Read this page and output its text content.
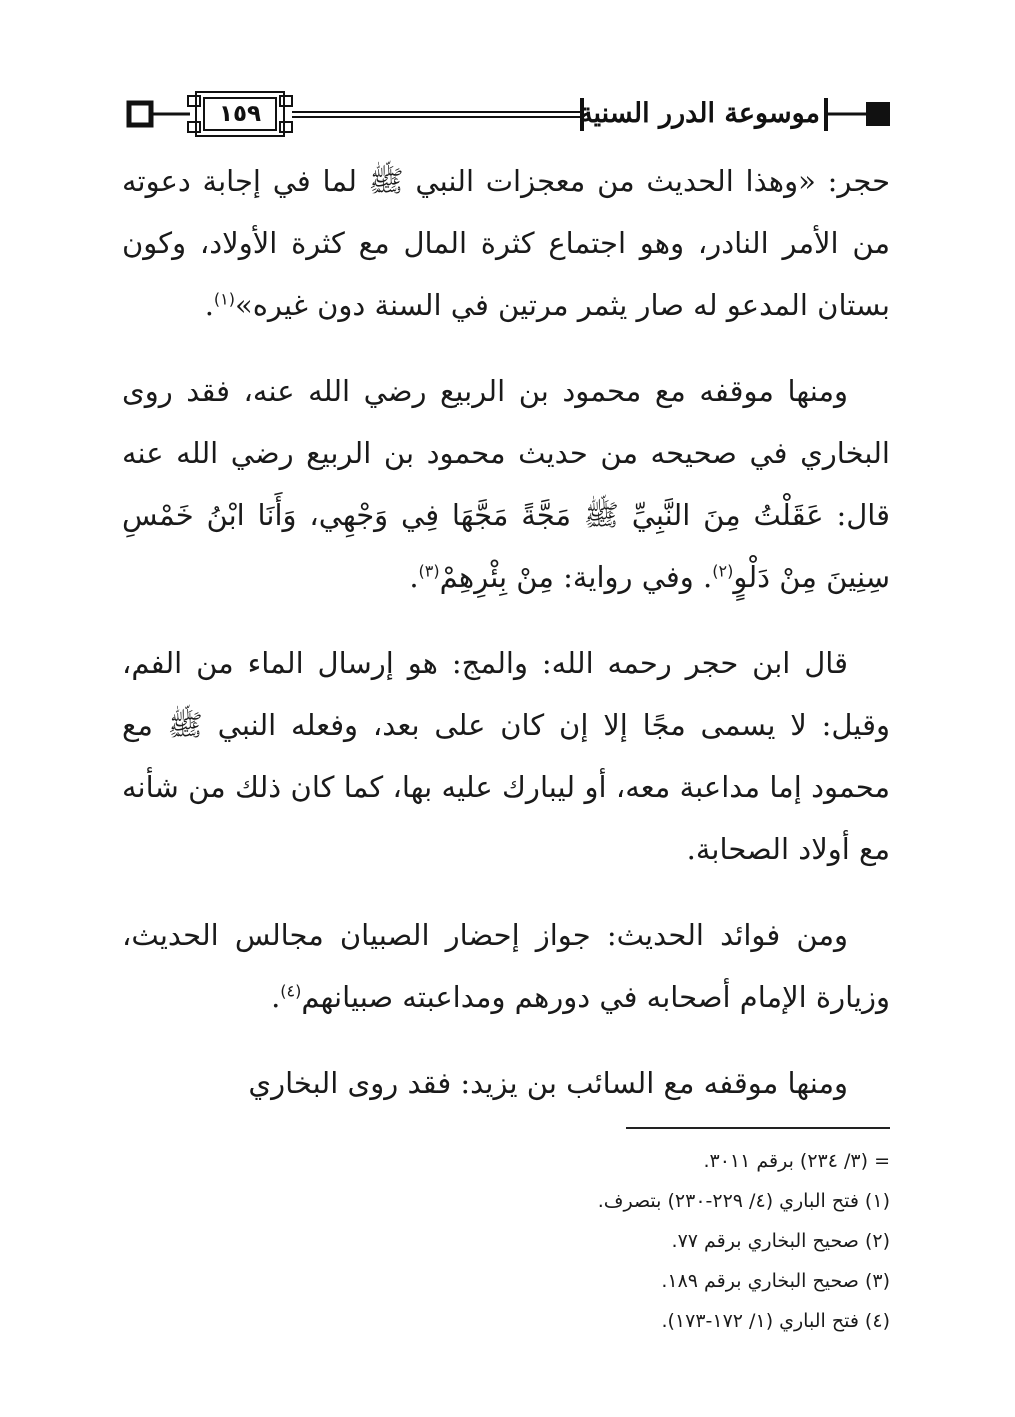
١٥٩	موسوعة الدرر السنية

حجر: «وهذا الحديث من معجزات النبي ﷺ لما في إجابة دعوته من الأمر النادر، وهو اجتماع كثرة المال مع كثرة الأولاد، وكون بستان المدعو له صار يثمر مرتين في السنة دون غيره»$^{(١)}$.

ومنها موقفه مع محمود بن الربيع رضي الله عنه، فقد روى البخاري في صحيحه من حديث محمود بن الربيع رضي الله عنه قال: عَقَلْتُ مِنَ النَّبِيِّ ﷺ مَجَّةً مَجَّهَا فِي وَجْهِي، وَأَنَا ابْنُ خَمْسِ سِنِينَ مِنْ دَلْوٍ$^{(٢)}$. وفي رواية: مِنْ بِئْرِهِمْ$^{(٣)}$.

قال ابن حجر رحمه الله: والمج: هو إرسال الماء من الفم، وقيل: لا يسمى مجًا إلا إن كان على بعد، وفعله النبي ﷺ مع محمود إما مداعبة معه، أو ليبارك عليه بها، كما كان ذلك من شأنه مع أولاد الصحابة.

ومن فوائد الحديث: جواز إحضار الصبيان مجالس الحديث، وزيارة الإمام أصحابه في دورهم ومداعبته صبيانهم$^{(٤)}$.

ومنها موقفه مع السائب بن يزيد: فقد روى البخاري

= (٣/ ٢٣٤) برقم ٣٠١١.
(١) فتح الباري (٤/ ٢٢٩-٢٣٠) بتصرف.
(٢) صحيح البخاري برقم ٧٧.
(٣) صحيح البخاري برقم ١٨٩.
(٤) فتح الباري (١/ ١٧٢-١٧٣).
